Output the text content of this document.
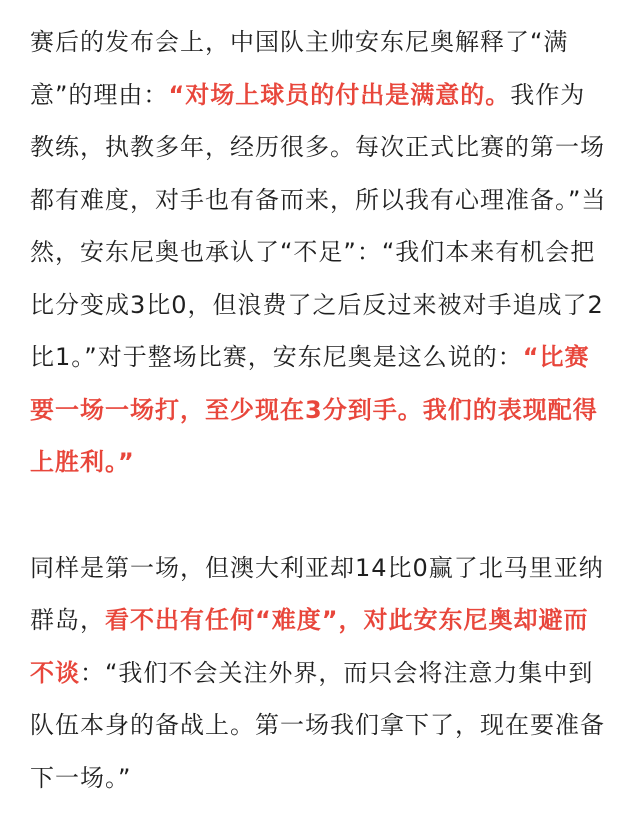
赛后的发布会上，中国队主帅安东尼奥解释了“满意”的理由：“对场上球员的付出是满意的。我作为教练，执教多年，经历很多。每次正式比赛的第一场都有难度，对手也有备而来，所以我有心理准备。”当然，安东尼奥也承认了“不足”：“我们本来有机会把比分变成3比0，但浪费了之后反过来被对手追成了2比1。”对于整场比赛，安东尼奥是这么说的：“比赛要一场一场打，至少现在3分到手。我们的表现配得上胜利。”

同样是第一场，但澳大利亚却14比0赢了北马里亚纳群岛，看不出有任何“难度”，对此安东尼奥却避而不谈：“我们不会关注外界，而只会将注意力集中到队伍本身的备战上。第一场我们拿下了，现在要准备下一场。”
